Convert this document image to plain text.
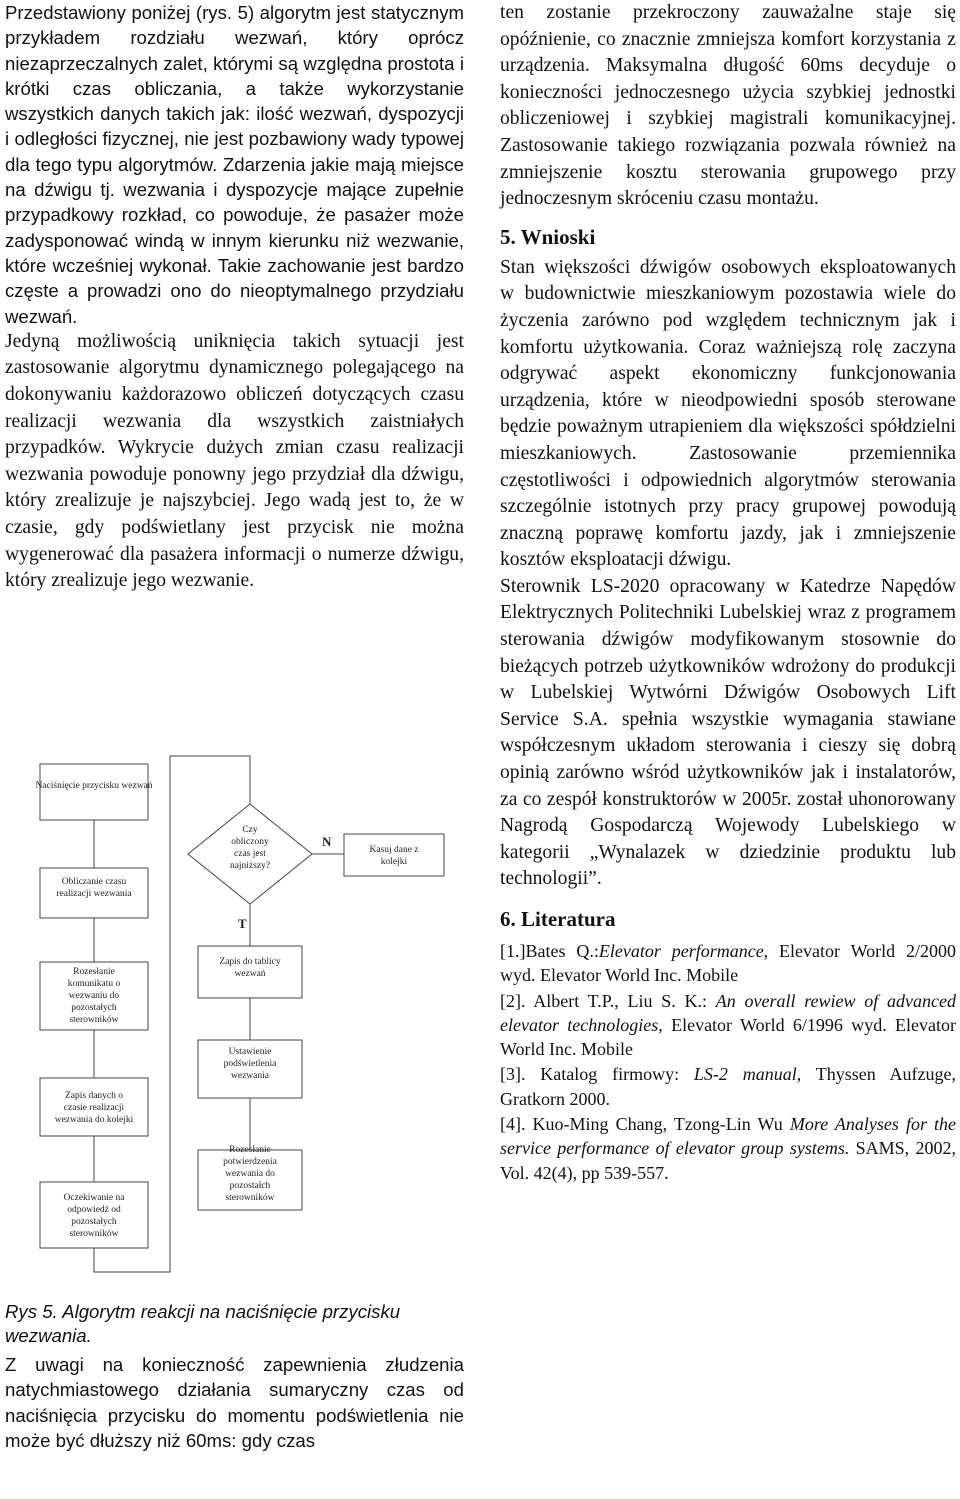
Przedstawiony poniżej (rys. 5) algorytm jest statycznym przykładem rozdziału wezwań, który oprócz niezaprzeczalnych zalet, którymi są względna prostota i krótki czas obliczania, a także wykorzystanie wszystkich danych takich jak: ilość wezwań, dyspozycji i odległości fizycznej, nie jest pozbawiony wady typowej dla tego typu algorytmów. Zdarzenia jakie mają miejsce na dźwigu tj. wezwania i dyspozycje mające zupełnie przypadkowy rozkład, co powoduje, że pasażer może zadysponować windą w innym kierunku niż wezwanie, które wcześniej wykonał. Takie zachowanie jest bardzo częste a prowadzi ono do nieoptymalnego przydziału wezwań.

Jedyną możliwością uniknięcia takich sytuacji jest zastosowanie algorytmu dynamicznego polegającego na dokonywaniu każdorazowo obliczeń dotyczących czasu realizacji wezwania dla wszystkich zaistniałych przypadków. Wykrycie dużych zmian czasu realizacji wezwania powoduje ponowny jego przydział dla dźwigu, który zrealizuje je najszybciej. Jego wadą jest to, że w czasie, gdy podświetlany jest przycisk nie można wygenerować dla pasażera informacji o numerze dźwigu, który zrealizuje jego wezwanie.

Naciśnięcie przycisku wezwań
Obliczanie czasu realizacji wezwania
Rozesłanie komunikatu o wezwaniu do pozostałych sterowników
Zapis danych o czasie realizacji wezwania do kolejki
Oczekiwanie na odpowiedź od pozostałych sterowników
Czy obliczony czas jest najniższy?
N
T
Kasuj dane z kolejki
Zapis do tablicy wezwań
Ustawienie podświetlenia wezwania
Rozesłanie potwierdzenia wezwania do pozostałch sterowników

Rys 5. Algorytm reakcji na naciśnięcie przycisku wezwania.

Z uwagi na konieczność zapewnienia złudzenia natychmiastowego działania sumaryczny czas od naciśnięcia przycisku do momentu podświetlenia nie może być dłuższy niż 60ms: gdy czas

ten zostanie przekroczony zauważalne staje się opóźnienie, co znacznie zmniejsza komfort korzystania z urządzenia. Maksymalna długość 60ms decyduje o konieczności jednoczesnego użycia szybkiej jednostki obliczeniowej i szybkiej magistrali komunikacyjnej. Zastosowanie takiego rozwiązania pozwala również na zmniejszenie kosztu sterowania grupowego przy jednoczesnym skróceniu czasu montażu.

5. Wnioski

Stan większości dźwigów osobowych eksploatowanych w budownictwie mieszkaniowym pozostawia wiele do życzenia zarówno pod względem technicznym jak i komfortu użytkowania. Coraz ważniejszą rolę zaczyna odgrywać aspekt ekonomiczny funkcjonowania urządzenia, które w nieodpowiedni sposób sterowane będzie poważnym utrapieniem dla większości spółdzielni mieszkaniowych. Zastosowanie przemiennika częstotliwości i odpowiednich algorytmów sterowania szczególnie istotnych przy pracy grupowej powodują znaczną poprawę komfortu jazdy, jak i zmniejszenie kosztów eksploatacji dźwigu.

Sterownik LS-2020 opracowany w Katedrze Napędów Elektrycznych Politechniki Lubelskiej wraz z programem sterowania dźwigów modyfikowanym stosownie do bieżących potrzeb użytkowników wdrożony do produkcji w Lubelskiej Wytwórni Dźwigów Osobowych Lift Service S.A. spełnia wszystkie wymagania stawiane współczesnym układom sterowania i cieszy się dobrą opinią zarówno wśród użytkowników jak i instalatorów, za co zespół konstruktorów w 2005r. został uhonorowany Nagrodą Gospodarczą Wojewody Lubelskiego w kategorii „Wynalazek w dziedzinie produktu lub technologii”.

6. Literatura

[1.]Bates Q.:Elevator performance, Elevator World 2/2000 wyd. Elevator World Inc. Mobile

[2]. Albert T.P., Liu S. K.: An overall rewiew of advanced elevator technologies, Elevator World 6/1996 wyd. Elevator World Inc. Mobile

[3]. Katalog firmowy: LS-2 manual, Thyssen Aufzuge, Gratkorn 2000.

[4]. Kuo-Ming Chang, Tzong-Lin Wu More Analyses for the service performance of elevator group systems. SAMS, 2002, Vol. 42(4), pp 539-557.
